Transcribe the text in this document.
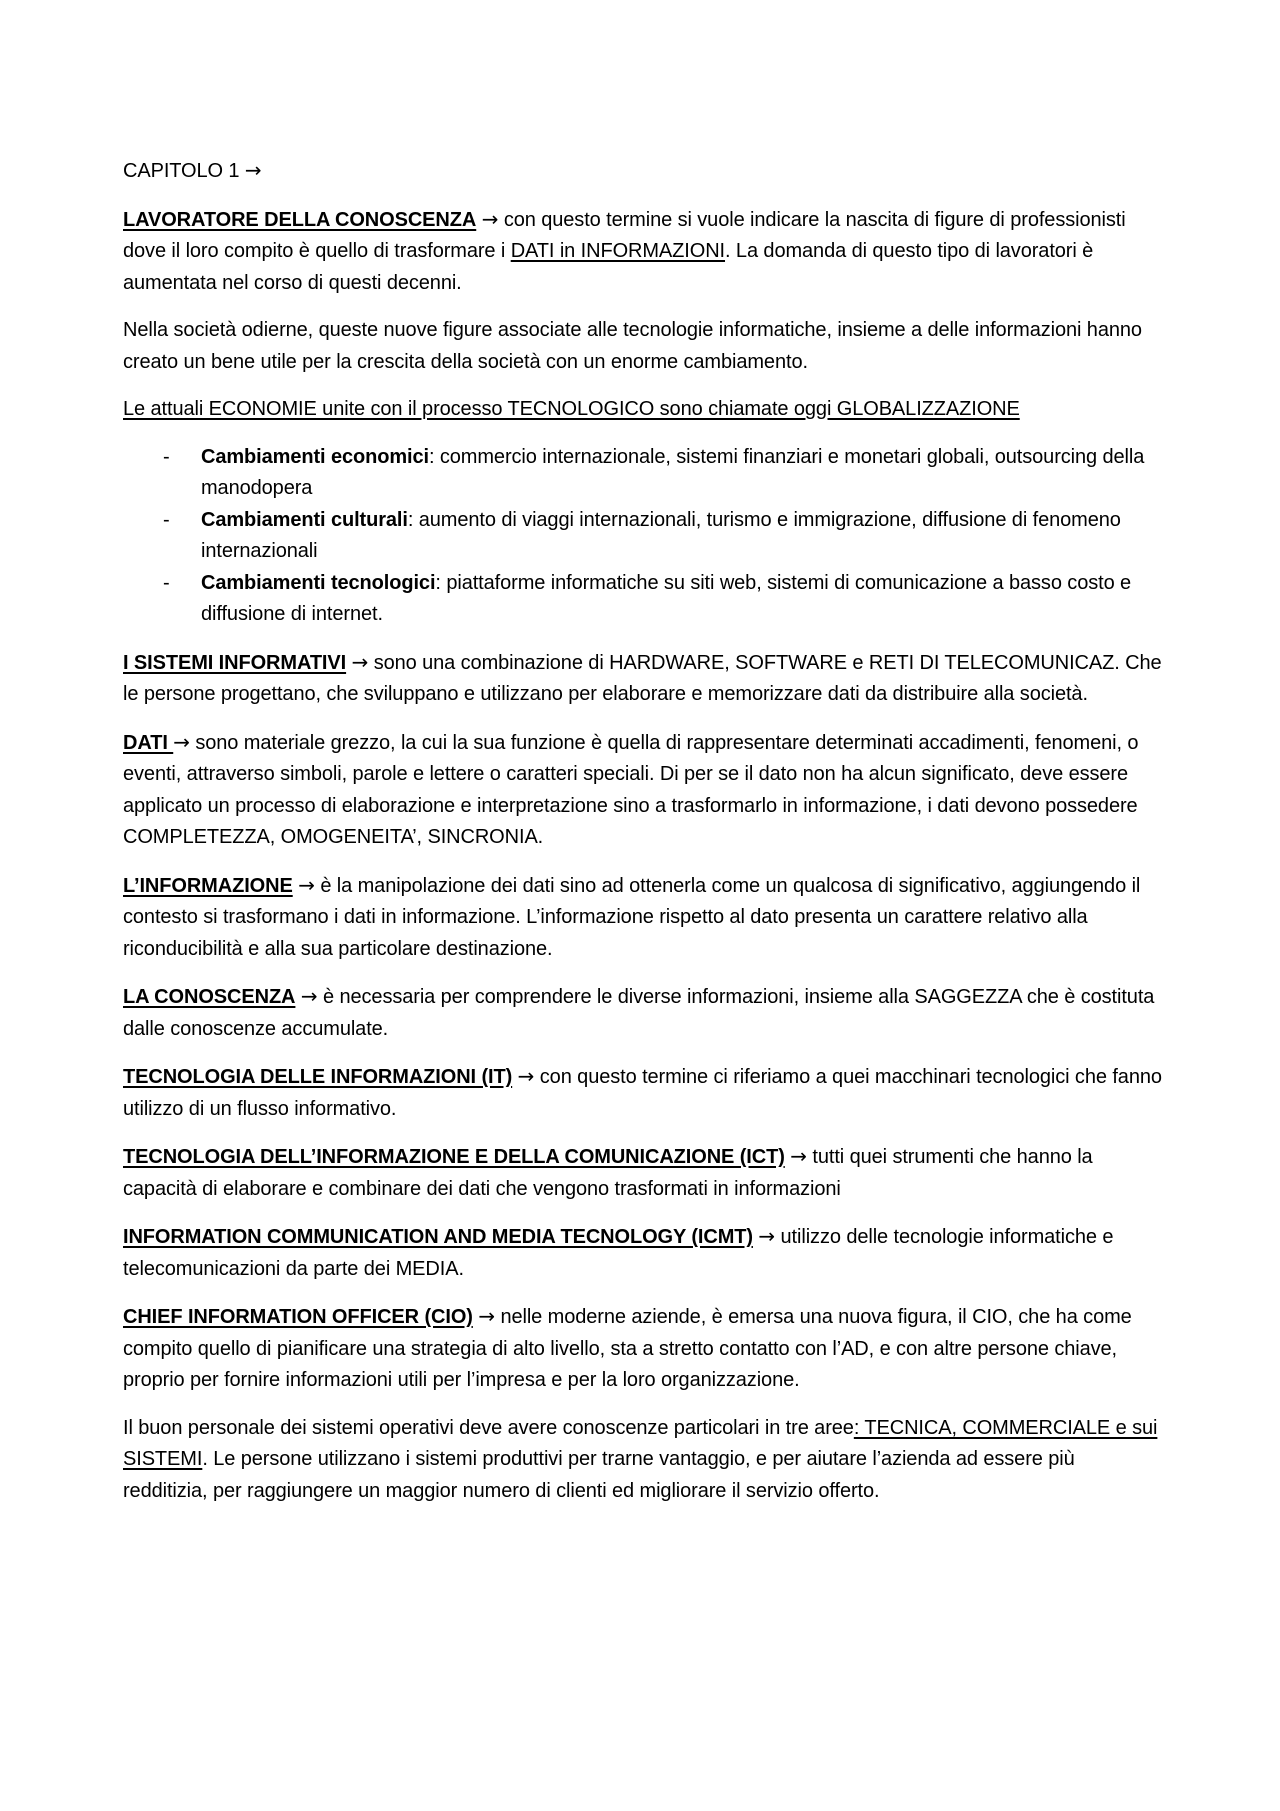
CAPITOLO 1 →

LAVORATORE DELLA CONOSCENZA → con questo termine si vuole indicare la nascita di figure di professionisti dove il loro compito è quello di trasformare i DATI in INFORMAZIONI. La domanda di questo tipo di lavoratori è aumentata nel corso di questi decenni.

Nella società odierne, queste nuove figure associate alle tecnologie informatiche, insieme a delle informazioni hanno creato un bene utile per la crescita della società con un enorme cambiamento.

Le attuali ECONOMIE unite con il processo TECNOLOGICO sono chiamate oggi GLOBALIZZAZIONE

- Cambiamenti economici: commercio internazionale, sistemi finanziari e monetari globali, outsourcing della manodopera
- Cambiamenti culturali: aumento di viaggi internazionali, turismo e immigrazione, diffusione di fenomeno internazionali
- Cambiamenti tecnologici: piattaforme informatiche su siti web, sistemi di comunicazione a basso costo e diffusione di internet.

I SISTEMI INFORMATIVI → sono una combinazione di HARDWARE, SOFTWARE e RETI DI TELECOMUNICAZ. Che le persone progettano, che sviluppano e utilizzano per elaborare e memorizzare dati da distribuire alla società.

DATI → sono materiale grezzo, la cui la sua funzione è quella di rappresentare determinati accadimenti, fenomeni, o eventi, attraverso simboli, parole e lettere o caratteri speciali. Di per se il dato non ha alcun significato, deve essere applicato un processo di elaborazione e interpretazione sino a trasformarlo in informazione, i dati devono possedere COMPLETEZZA, OMOGENEITA’, SINCRONIA.

L’INFORMAZIONE → è la manipolazione dei dati sino ad ottenerla come un qualcosa di significativo, aggiungendo il contesto si trasformano i dati in informazione. L’informazione rispetto al dato presenta un carattere relativo alla riconducibilità e alla sua particolare destinazione.

LA CONOSCENZA → è necessaria per comprendere le diverse informazioni, insieme alla SAGGEZZA che è costituta dalle conoscenze accumulate.

TECNOLOGIA DELLE INFORMAZIONI (IT) → con questo termine ci riferiamo a quei macchinari tecnologici che fanno utilizzo di un flusso informativo.

TECNOLOGIA DELL’INFORMAZIONE E DELLA COMUNICAZIONE (ICT) → tutti quei strumenti che hanno la capacità di elaborare e combinare dei dati che vengono trasformati in informazioni

INFORMATION COMMUNICATION AND MEDIA TECNOLOGY (ICMT) → utilizzo delle tecnologie informatiche e telecomunicazioni da parte dei MEDIA.

CHIEF INFORMATION OFFICER (CIO) → nelle moderne aziende, è emersa una nuova figura, il CIO, che ha come compito quello di pianificare una strategia di alto livello, sta a stretto contatto con l’AD, e con altre persone chiave, proprio per fornire informazioni utili per l’impresa e per la loro organizzazione.

Il buon personale dei sistemi operativi deve avere conoscenze particolari in tre aree: TECNICA, COMMERCIALE e sui SISTEMI. Le persone utilizzano i sistemi produttivi per trarne vantaggio, e per aiutare l’azienda ad essere più redditizia, per raggiungere un maggior numero di clienti ed migliorare il servizio offerto.
